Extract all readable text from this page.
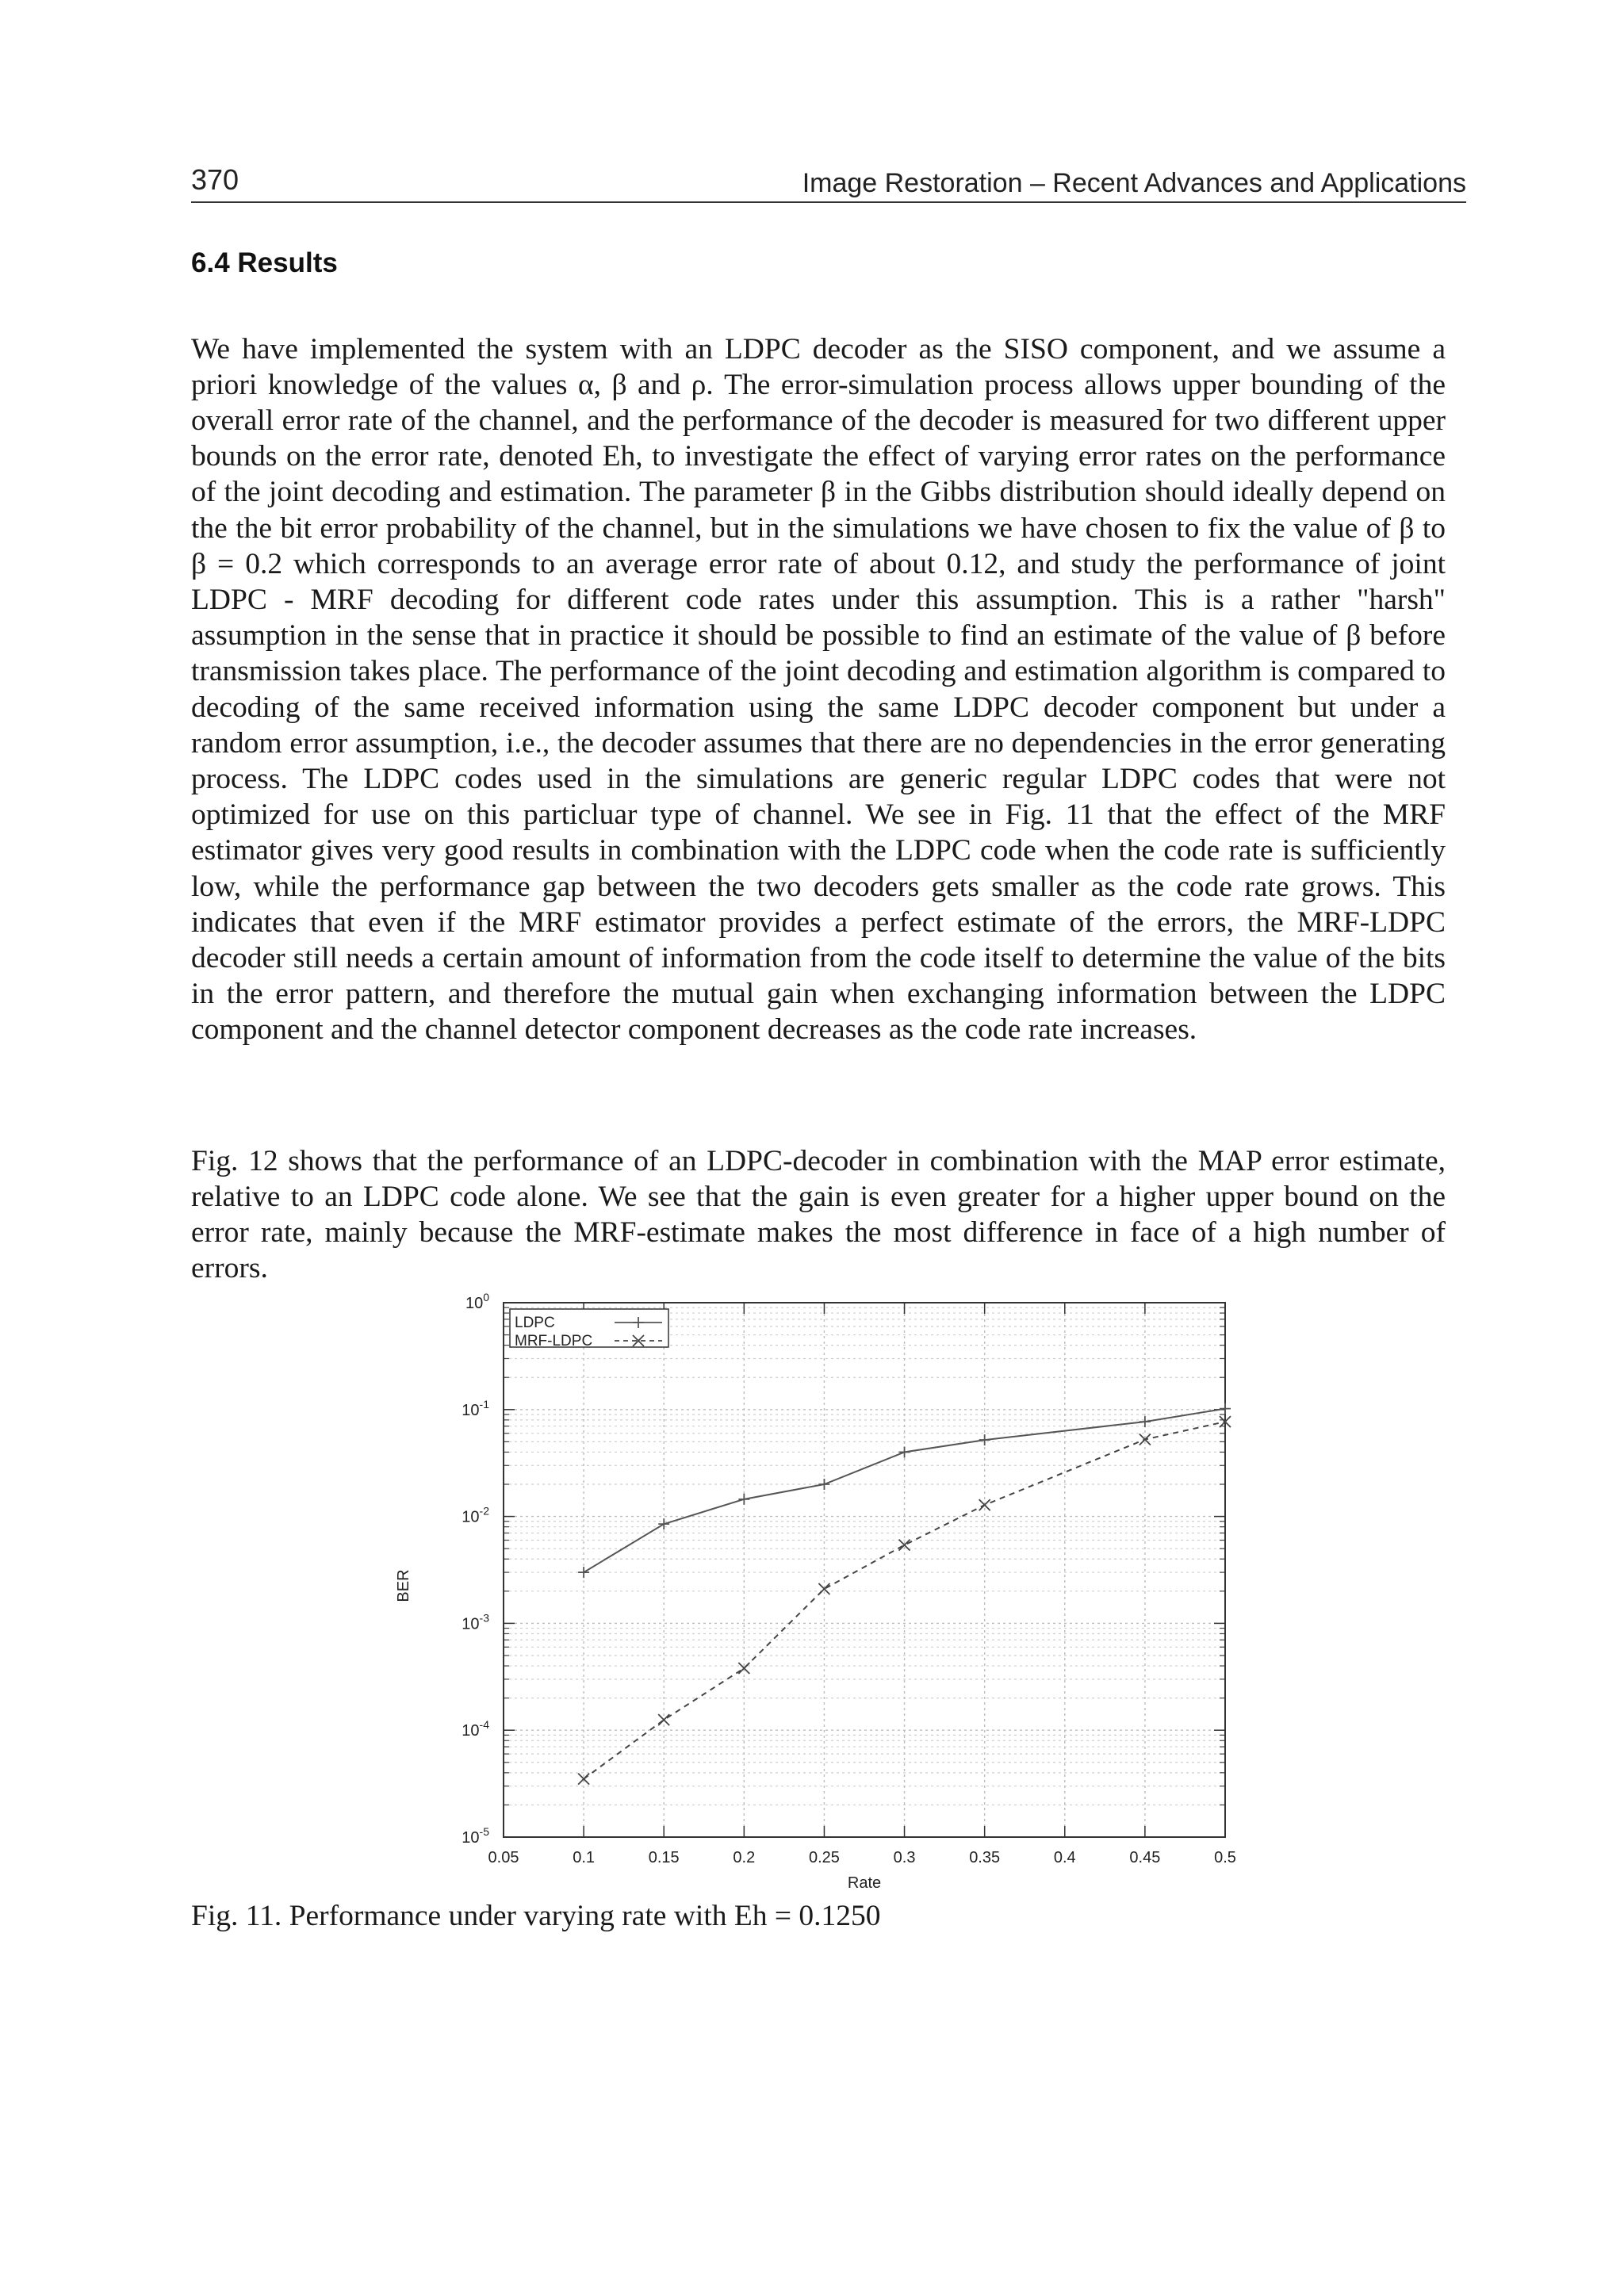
370	Image Restoration – Recent Advances and Applications
6.4 Results

We have implemented the system with an LDPC decoder as the SISO component, and we assume a priori knowledge of the values α, β and ρ. The error-simulation process allows upper bounding of the overall error rate of the channel, and the performance of the decoder is measured for two different upper bounds on the error rate, denoted Eh, to investigate the effect of varying error rates on the performance of the joint decoding and estimation. The parameter β in the Gibbs distribution should ideally depend on the the bit error probability of the channel, but in the simulations we have chosen to fix the value of β to β = 0.2 which corresponds to an average error rate of about 0.12, and study the performance of joint LDPC - MRF decoding for different code rates under this assumption. This is a rather "harsh" assumption in the sense that in practice it should be possible to find an estimate of the value of β before transmission takes place. The performance of the joint decoding and estimation algorithm is compared to decoding of the same received information using the same LDPC decoder component but under a random error assumption, i.e., the decoder assumes that there are no dependencies in the error generating process. The LDPC codes used in the simulations are generic regular LDPC codes that were not optimized for use on this particluar type of channel. We see in Fig. 11 that the effect of the MRF estimator gives very good results in combination with the LDPC code when the code rate is sufficiently low, while the performance gap between the two decoders gets smaller as the code rate grows. This indicates that even if the MRF estimator provides a perfect estimate of the errors, the MRF-LDPC decoder still needs a certain amount of information from the code itself to determine the value of the bits in the error pattern, and therefore the mutual gain when exchanging information between the LDPC component and the channel detector component decreases as the code rate increases.

Fig. 12 shows that the performance of an LDPC-decoder in combination with the MAP error estimate, relative to an LDPC code alone. We see that the gain is even greater for a higher upper bound on the error rate, mainly because the MRF-estimate makes the most difference in face of a high number of errors.

$10^0$
$10^{-1}$
$10^{-2}$
$10^{-3}$
$10^{-4}$
$10^{-5}$
0.05	0.1	0.15	0.2	0.25	0.3	0.35	0.4	0.45	0.5
Rate
BER
LDPC
MRF-LDPC
Fig. 11. Performance under varying rate with Eh = 0.1250
